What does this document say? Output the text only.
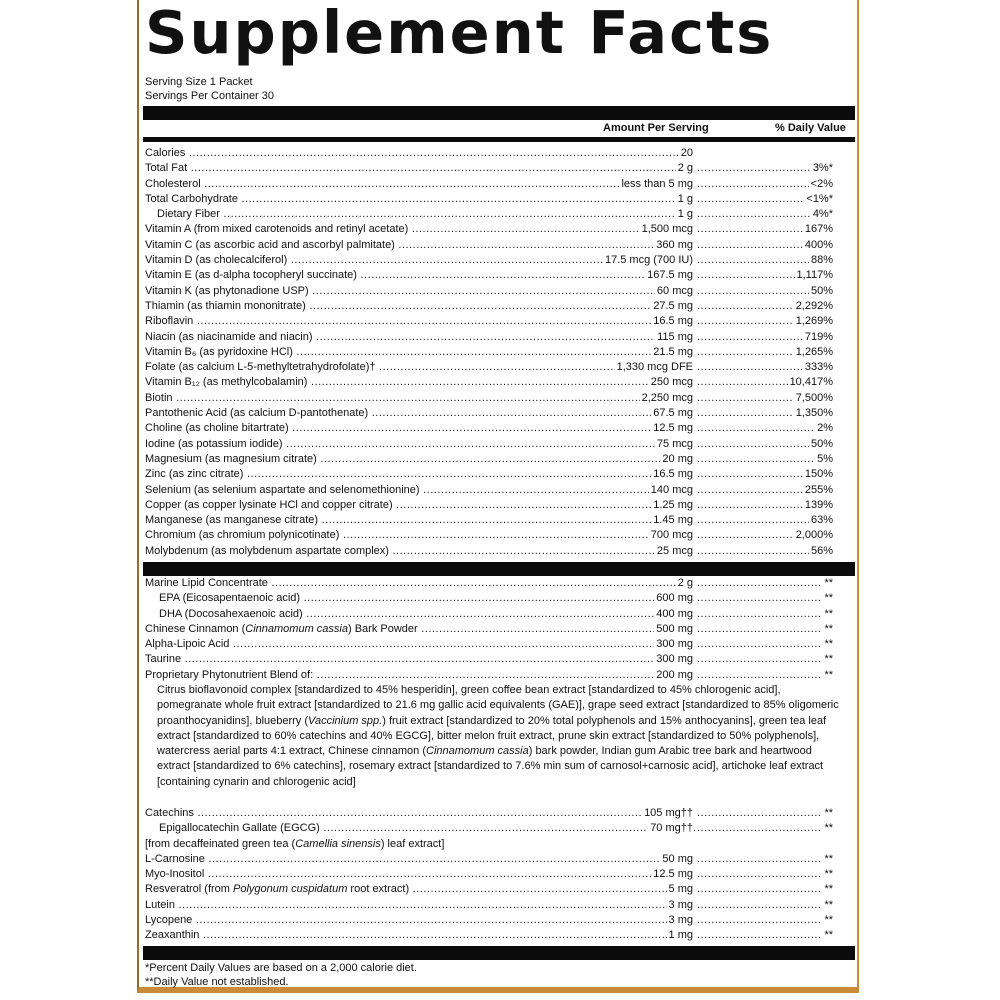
Supplement Facts
Serving Size 1 Packet
Servings Per Container 30
Amount Per Serving	% Daily Value
Calories .....	20
Total Fat .....	2 g .....	3%*
Cholesterol .....	less than 5 mg .....	<2%
Total Carbohydrate .....	1 g .....	<1%*
Dietary Fiber .....	1 g .....	4%*
Vitamin A (from mixed carotenoids and retinyl acetate) .....	1,500 mcg .....	167%
Vitamin C (as ascorbic acid and ascorbyl palmitate) .....	360 mg .....	400%
Vitamin D (as cholecalciferol) .....	17.5 mcg (700 IU) .....	88%
Vitamin E (as d-alpha tocopheryl succinate) .....	167.5 mg .....	1,117%
Vitamin K (as phytonadione USP) .....	60 mcg .....	50%
Thiamin (as thiamin mononitrate) .....	27.5 mg .....	2,292%
Riboflavin .....	16.5 mg .....	1,269%
Niacin (as niacinamide and niacin) .....	115 mg .....	719%
Vitamin B₆ (as pyridoxine HCl) .....	21.5 mg .....	1,265%
Folate (as calcium L-5-methyltetrahydrofolate)† .....	1,330 mcg DFE .....	333%
Vitamin B₁₂ (as methylcobalamin) .....	250 mcg .....	10,417%
Biotin .....	2,250 mcg .....	7,500%
Pantothenic Acid (as calcium D-pantothenate) .....	67.5 mg .....	1,350%
Choline (as choline bitartrate) .....	12.5 mg .....	2%
Iodine (as potassium iodide) .....	75 mcg .....	50%
Magnesium (as magnesium citrate) .....	20 mg .....	5%
Zinc (as zinc citrate) .....	16.5 mg .....	150%
Selenium (as selenium aspartate and selenomethionine) .....	140 mcg .....	255%
Copper (as copper lysinate HCl and copper citrate) .....	1.25 mg .....	139%
Manganese (as manganese citrate) .....	1.45 mg .....	63%
Chromium (as chromium polynicotinate) .....	700 mcg .....	2,000%
Molybdenum (as molybdenum aspartate complex) .....	25 mcg .....	56%
Marine Lipid Concentrate .....	2 g .....	**
EPA (Eicosapentaenoic acid) .....	600 mg .....	**
DHA (Docosahexaenoic acid) .....	400 mg .....	**
Chinese Cinnamon (Cinnamomum cassia) Bark Powder .....	500 mg .....	**
Alpha-Lipoic Acid .....	300 mg .....	**
Taurine .....	300 mg .....	**
Proprietary Phytonutrient Blend of: .....	200 mg .....	**
Citrus bioflavonoid complex [standardized to 45% hesperidin], green coffee bean extract [standardized to 45% chlorogenic acid], pomegranate whole fruit extract [standardized to 21.6 mg gallic acid equivalents (GAE)], grape seed extract [standardized to 85% oligomeric proanthocyanidins], blueberry (Vaccinium spp.) fruit extract [standardized to 20% total polyphenols and 15% anthocyanins], green tea leaf extract [standardized to 60% catechins and 40% EGCG], bitter melon fruit extract, prune skin extract [standardized to 50% polyphenols], watercress aerial parts 4:1 extract, Chinese cinnamon (Cinnamomum cassia) bark powder, Indian gum Arabic tree bark and heartwood extract [standardized to 6% catechins], rosemary extract [standardized to 7.6% min sum of carnosol+carnosic acid], artichoke leaf extract [containing cynarin and chlorogenic acid]
Catechins .....	105 mg†† .....	**
Epigallocatechin Gallate (EGCG) .....	70 mg†† .....	**
[from decaffeinated green tea (Camellia sinensis) leaf extract]
L-Carnosine .....	50 mg .....	**
Myo-Inositol .....	12.5 mg .....	**
Resveratrol (from Polygonum cuspidatum root extract) .....	5 mg .....	**
Lutein .....	3 mg .....	**
Lycopene .....	3 mg .....	**
Zeaxanthin .....	1 mg .....	**
*Percent Daily Values are based on a 2,000 calorie diet.
**Daily Value not established.
